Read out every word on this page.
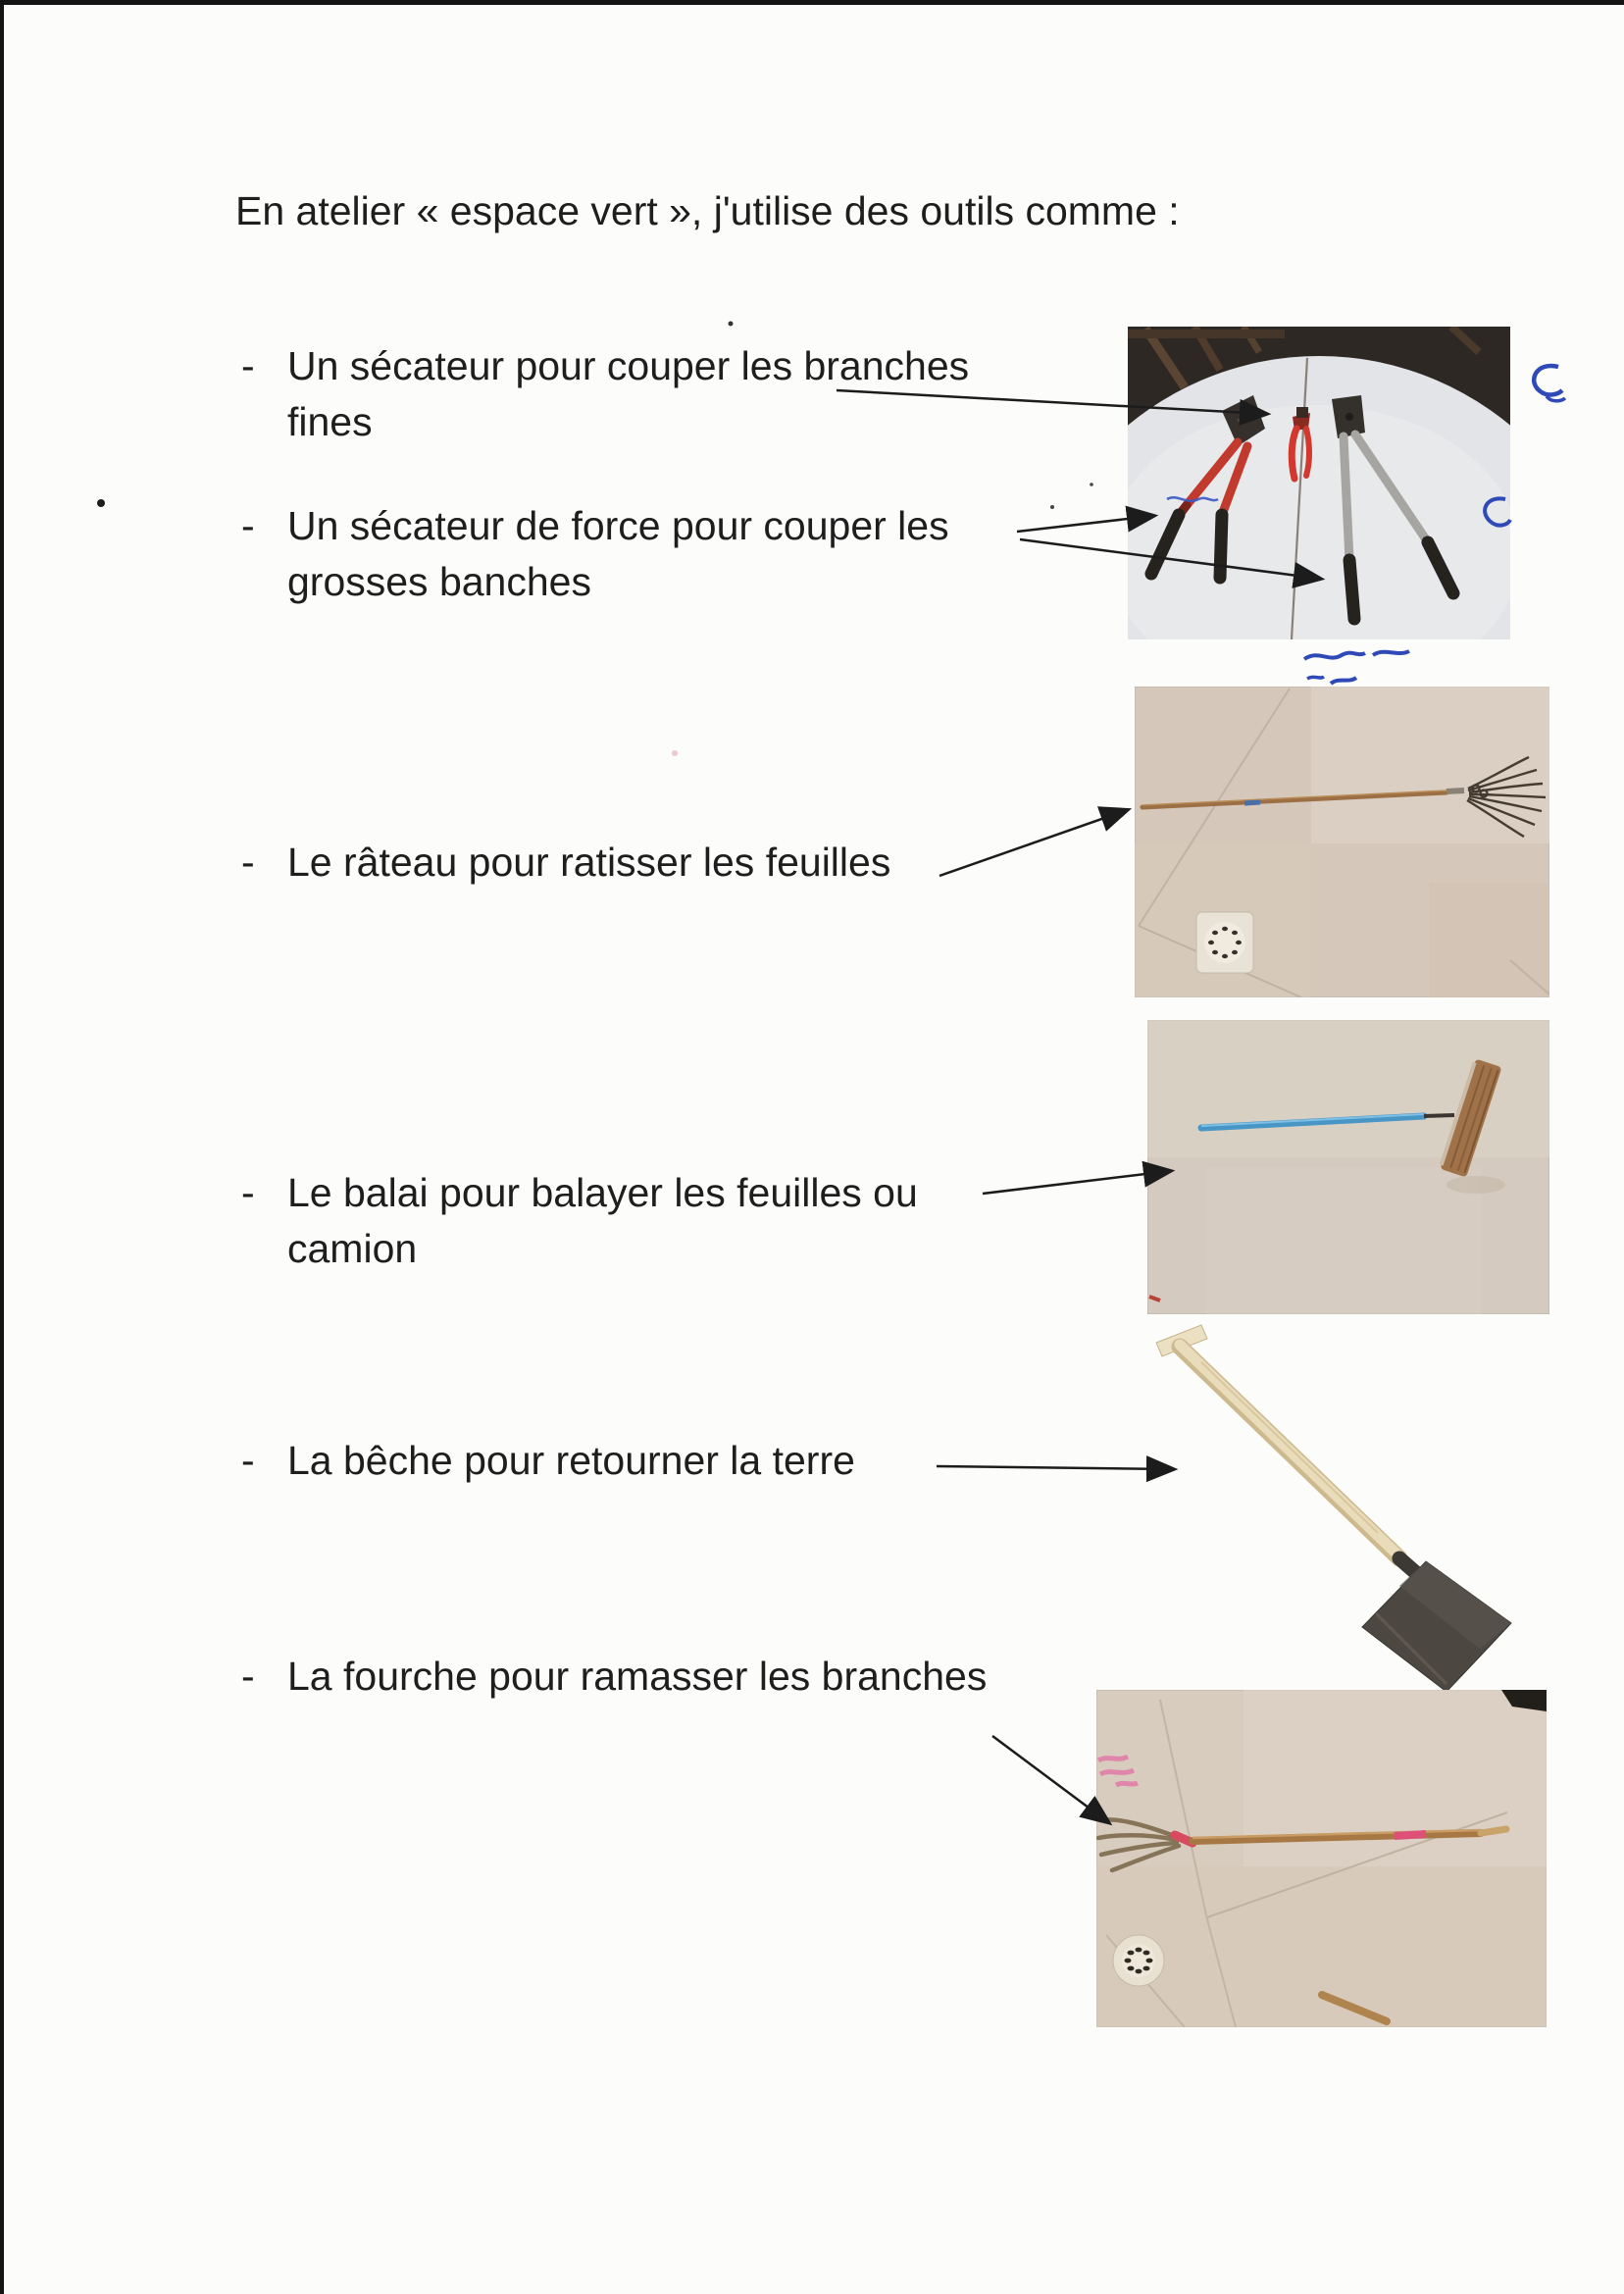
En atelier « espace vert », j'utilise des outils comme :
- Un sécateur pour couper les branches
fines
- Un sécateur de force pour couper les
grosses banches
- Le râteau pour ratisser les feuilles
- Le balai pour balayer les feuilles ou
camion
- La bêche pour retourner la terre
- La fourche pour ramasser les branches
